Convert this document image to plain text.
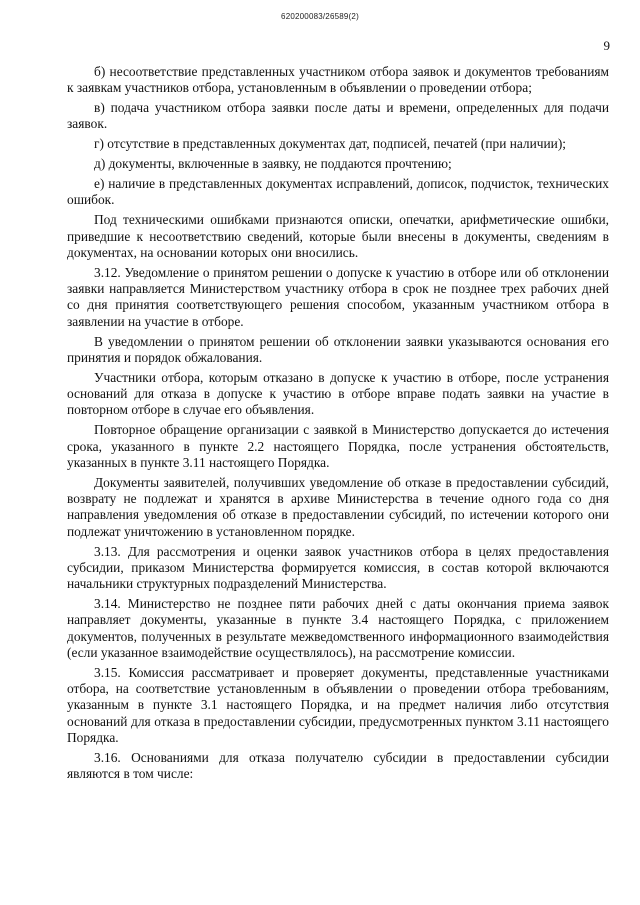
620200083/26589(2)
9

б) несоответствие представленных участником отбора заявок и документов требованиям к заявкам участников отбора, установленным в объявлении о проведении отбора;

в) подача участником отбора заявки после даты и времени, определенных для подачи заявок.

г) отсутствие в представленных документах дат, подписей, печатей (при наличии);

д) документы, включенные в заявку, не поддаются прочтению;

е) наличие в представленных документах исправлений, дописок, подчисток, технических ошибок.

Под техническими ошибками признаются описки, опечатки, арифметические ошибки, приведшие к несоответствию сведений, которые были внесены в документы, сведениям в документах, на основании которых они вносились.

3.12. Уведомление о принятом решении о допуске к участию в отборе или об отклонении заявки направляется Министерством участнику отбора в срок не позднее трех рабочих дней со дня принятия соответствующего решения способом, указанным участником отбора в заявлении на участие в отборе.

В уведомлении о принятом решении об отклонении заявки указываются основания его принятия и порядок обжалования.

Участники отбора, которым отказано в допуске к участию в отборе, после устранения оснований для отказа в допуске к участию в отборе вправе подать заявки на участие в повторном отборе в случае его объявления.

Повторное обращение организации с заявкой в Министерство допускается до истечения срока, указанного в пункте 2.2 настоящего Порядка, после устранения обстоятельств, указанных в пункте 3.11 настоящего Порядка.

Документы заявителей, получивших уведомление об отказе в предоставлении субсидий, возврату не подлежат и хранятся в архиве Министерства в течение одного года со дня направления уведомления об отказе в предоставлении субсидий, по истечении которого они подлежат уничтожению в установленном порядке.

3.13. Для рассмотрения и оценки заявок участников отбора в целях предоставления субсидии, приказом Министерства формируется комиссия, в состав которой включаются начальники структурных подразделений Министерства.

3.14. Министерство не позднее пяти рабочих дней с даты окончания приема заявок направляет документы, указанные в пункте 3.4 настоящего Порядка, с приложением документов, полученных в результате межведомственного информационного взаимодействия (если указанное взаимодействие осуществлялось), на рассмотрение комиссии.

3.15. Комиссия рассматривает и проверяет документы, представленные участниками отбора, на соответствие установленным в объявлении о проведении отбора требованиям, указанным в пункте 3.1 настоящего Порядка, и на предмет наличия либо отсутствия оснований для отказа в предоставлении субсидии, предусмотренных пунктом 3.11 настоящего Порядка.

3.16. Основаниями для отказа получателю субсидии в предоставлении субсидии являются в том числе:
